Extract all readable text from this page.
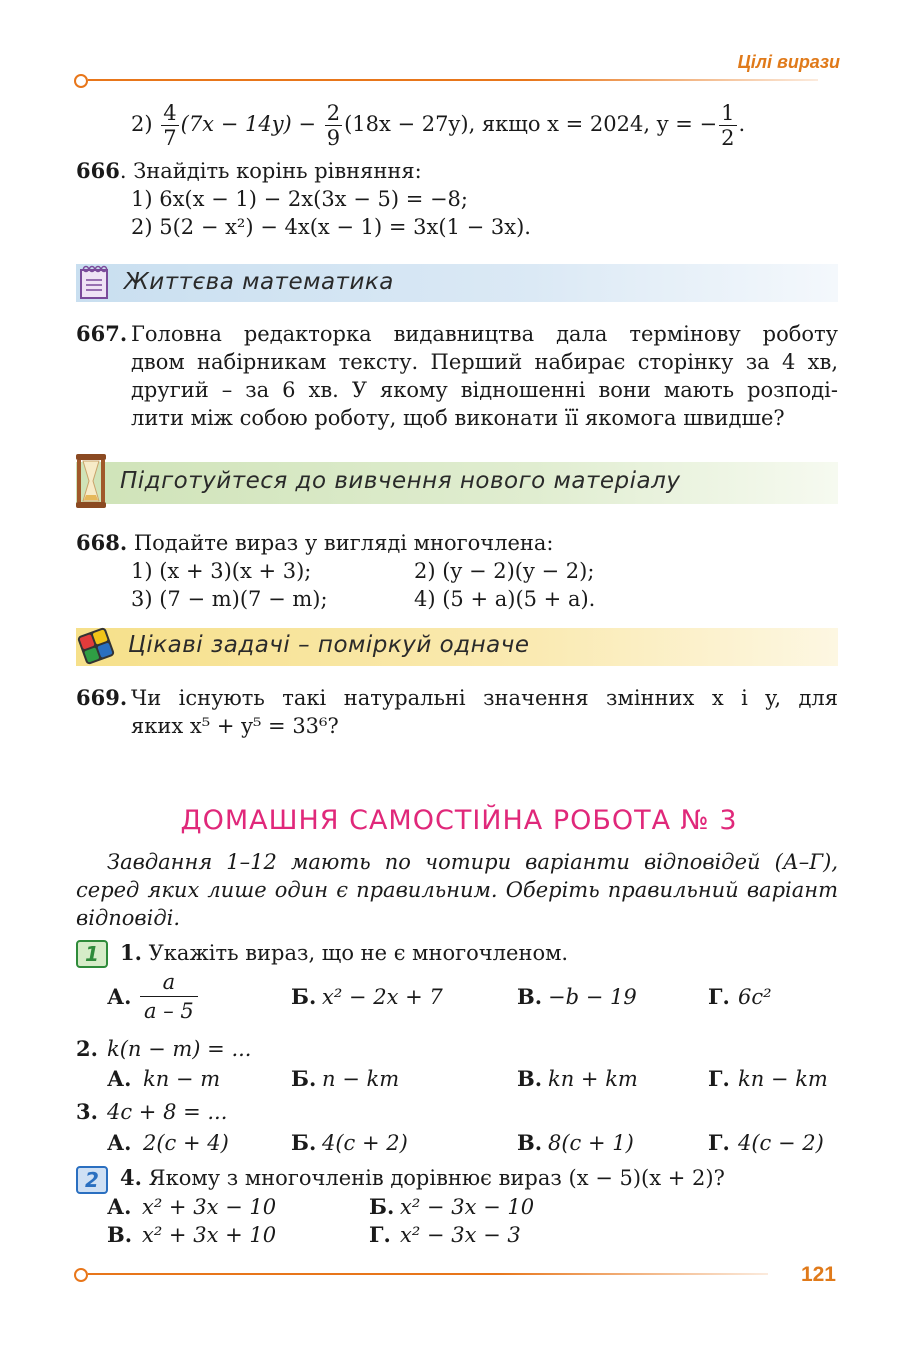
Цілі вирази
$2) \frac{4}{7} (7x - 14y) - \frac{2}{9} (18x - 27y)$, якщо x = 2024, y = − $\frac{1}{2}$ .
666. Знайдіть корінь рівняння:
1) 6x(x − 1) − 2x(3x − 5) = −8;
2) 5(2 − x²) − 4x(x − 1) = 3x(1 − 3x).
Життєва математика
667. Головна редакторка видавництва дала термінову роботу
двом набірникам тексту. Перший набирає сторінку за 4 хв,
другий – за 6 хв. У якому відношенні вони мають розподі-
лити між собою роботу, щоб виконати її якомога швидше?
Підготуйтеся до вивчення нового матеріалу
668. Подайте вираз у вигляді многочлена:
1) (x + 3)(x + 3);	2) (y − 2)(y − 2);
3) (7 − m)(7 − m);	4) (5 + a)(5 + a).
Цікаві задачі – поміркуй одначе
669. Чи існують такі натуральні значення змінних x і y, для
яких x⁵ + y⁵ = 33⁶?
ДОМАШНЯ САМОСТІЙНА РОБОТА № 3
Завдання 1–12 мають по чотири варіанти відповідей (А–Г),
серед яких лише один є правильним. Оберіть правильний варіант
відповіді.
1	1. Укажіть вираз, що не є многочленом.
А. $\frac{a}{a - 5}$	Б. x² − 2x + 7	В. −b − 19	Г. 6c²
2. k(n − m) = ...
А. kn − m	Б. n − km	В. kn + km	Г. kn − km
3. 4c + 8 = ...
А. 2(c + 4)	Б. 4(c + 2)	В. 8(c + 1)	Г. 4(c − 2)
2	4. Якому з многочленів дорівнює вираз (x − 5)(x + 2)?
А. x² + 3x − 10	Б. x² − 3x − 10
В. x² + 3x + 10	Г. x² − 3x − 3
121
